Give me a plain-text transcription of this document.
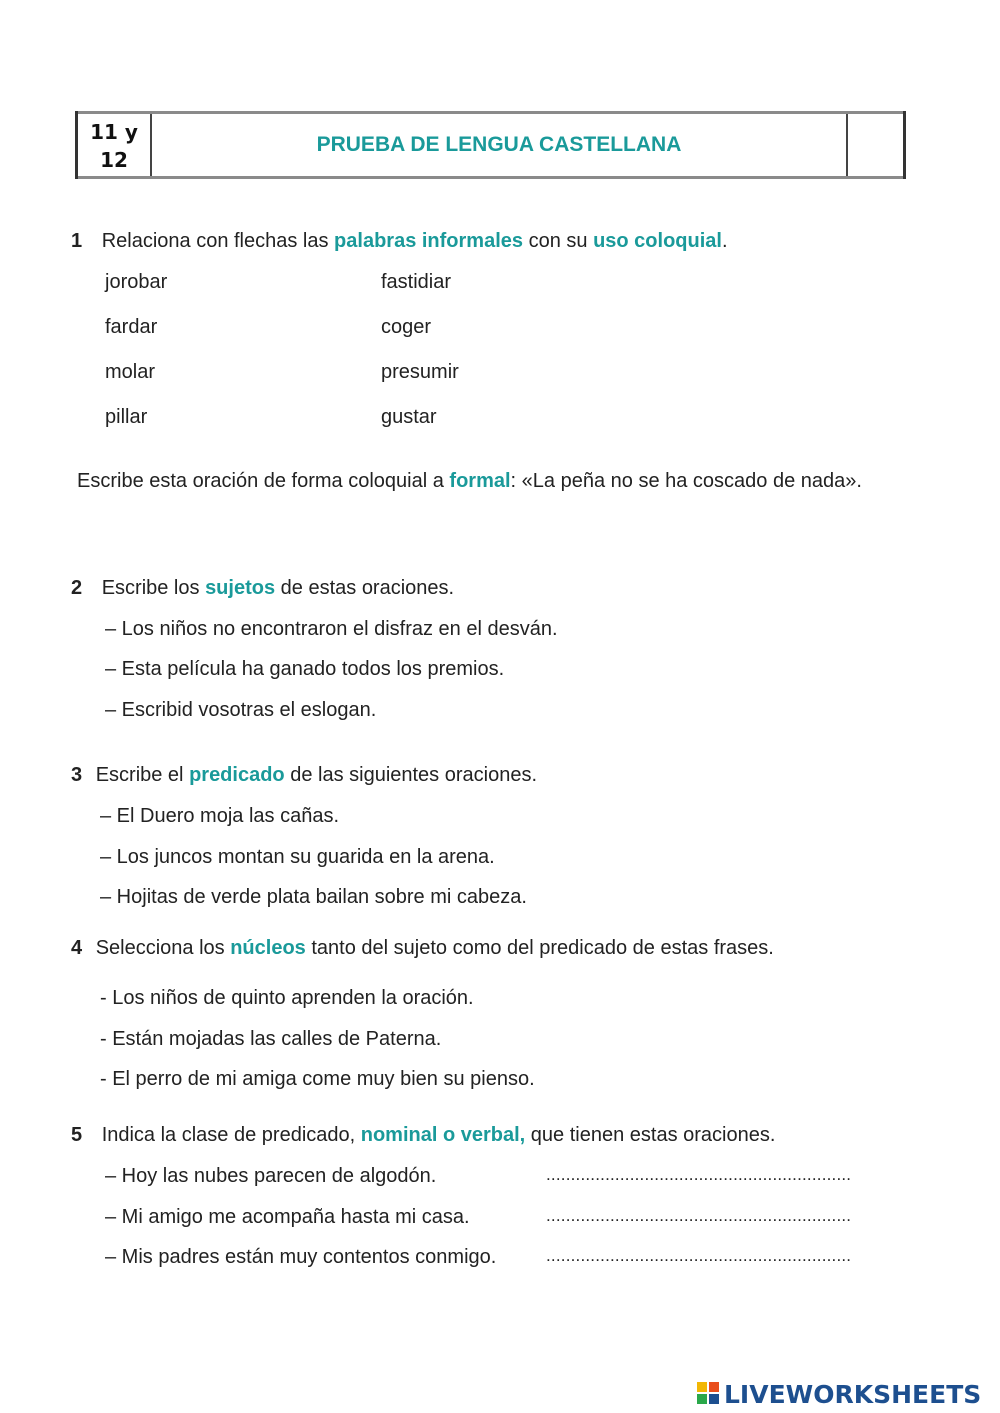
11 y
12
PRUEBA DE LENGUA CASTELLANA
1 Relaciona con flechas las palabras informales con su uso coloquial.
jorobar
fardar
molar
pillar
fastidiar
coger
presumir
gustar
Escribe esta oración de forma coloquial a formal: «La peña no se ha coscado de nada».
2 Escribe los sujetos de estas oraciones.
– Los niños no encontraron el disfraz en el desván.
– Esta película ha ganado todos los premios.
– Escribid vosotras el eslogan.
3 Escribe el predicado de las siguientes oraciones.
– El Duero moja las cañas.
– Los juncos montan su guarida en la arena.
– Hojitas de verde plata bailan sobre mi cabeza.
4 Selecciona los núcleos tanto del sujeto como del predicado de estas frases.
- Los niños de quinto aprenden la oración.
- Están mojadas las calles de Paterna.
- El perro de mi amiga come muy bien su pienso.
5 Indica la clase de predicado, nominal o verbal, que tienen estas oraciones.
– Hoy las nubes parecen de algodón.
– Mi amigo me acompaña hasta mi casa.
– Mis padres están muy contentos conmigo.
..............................................................
..............................................................
..............................................................
LIVEWORKSHEETS
